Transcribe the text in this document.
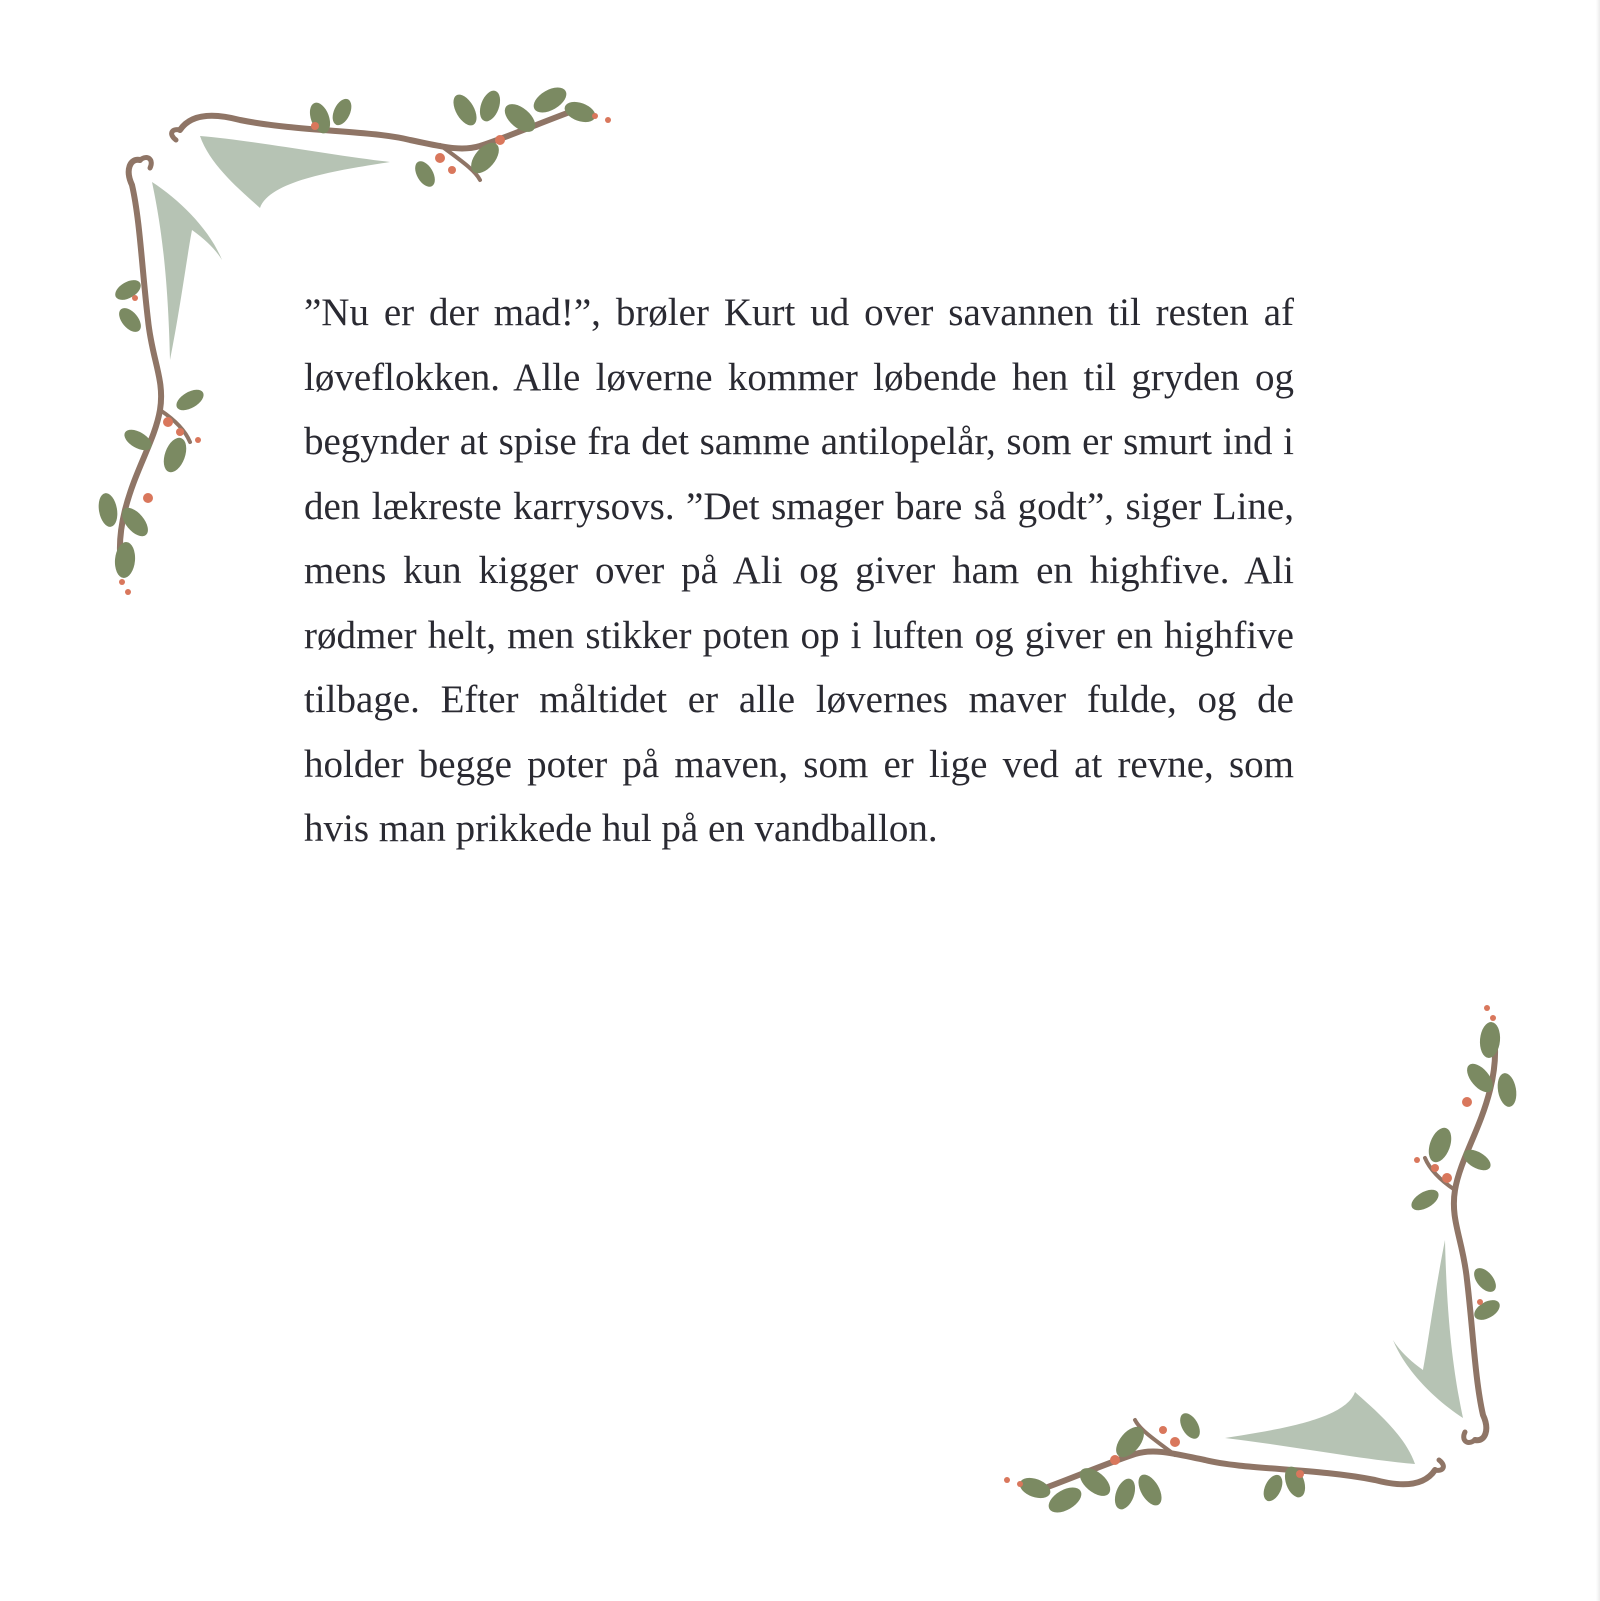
”Nu er der mad!”, brøler Kurt ud over savannen til resten af løveflokken. Alle løverne kommer løbende hen til gryden og begynder at spise fra det samme antilopelår, som er smurt ind i den lækreste karrysovs. ”Det smager bare så godt”, siger Line, mens kun kigger over på Ali og giver ham en highfive. Ali rødmer helt, men stikker poten op i luften og giver en highfive tilbage. Efter måltidet er alle løvernes maver fulde, og de holder begge poter på maven, som er lige ved at revne, som hvis man prikkede hul på en vandballon.
